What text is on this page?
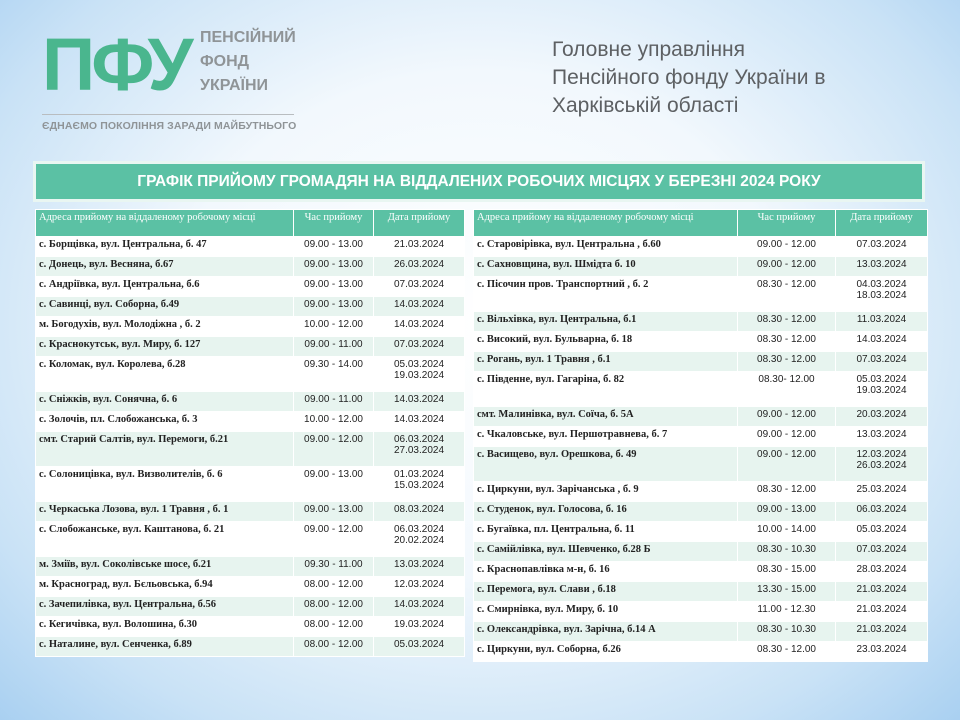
ПФУ ПЕНСІЙНИЙ
ФОНД
УКРАЇНИ
ЄДНАЄМО ПОКОЛІННЯ ЗАРАДИ МАЙБУТНЬОГО
Головне управління
Пенсійного фонду України в
Харківській області
ГРАФІК ПРИЙОМУ ГРОМАДЯН НА ВІДДАЛЕНИХ РОБОЧИХ МІСЦЯХ У БЕРЕЗНІ 2024 РОКУ
Адреса прийому на віддаленому робочому місці	Час прийому	Дата прийому
с. Борщівка, вул. Центральна, б. 47	09.00 - 13.00	21.03.2024

с. Донець, вул. Весняна, б.67	09.00 - 13.00	26.03.2024

с. Андріївка, вул. Центральна, б.6	09.00 - 13.00	07.03.2024

с. Савинці, вул. Соборна, б.49	09.00 - 13.00	14.03.2024

м. Богодухів, вул. Молодіжна , б. 2	10.00 - 12.00	14.03.2024

с. Краснокутськ, вул. Миру, б. 127	09.00 - 11.00	07.03.2024

с. Коломак, вул. Королева, б.28	09.30 - 14.00	05.03.2024
19.03.2024

с. Сніжків, вул. Сонячна, б. 6	09.00 - 11.00	14.03.2024

с. Золочів, пл. Слобожанська, б. 3	10.00 - 12.00	14.03.2024

смт. Старий Салтів, вул. Перемоги, б.21	09.00 - 12.00	06.03.2024
27.03.2024

с. Солоницівка, вул. Визволителів, б. 6	09.00 - 13.00	01.03.2024
15.03.2024

с. Черкаська Лозова, вул. 1 Травня , б. 1	09.00 - 13.00	08.03.2024

с. Слобожанське, вул. Каштанова, б. 21	09.00 - 12.00	06.03.2024
20.02.2024

м. Зміїв, вул. Соколівське шосе, б.21	09.30 - 11.00	13.03.2024

м. Красноград, вул. Бєльовська, б.94	08.00 - 12.00	12.03.2024

с. Зачепилівка, вул. Центральна, б.56	08.00 - 12.00	14.03.2024

с. Кегичівка, вул. Волошина, б.30	08.00 - 12.00	19.03.2024

с. Наталине, вул. Сенченка, б.89	08.00 - 12.00	05.03.2024
Адреса прийому на віддаленому робочому місці	Час прийому	Дата прийому
с. Старовірівка, вул. Центральна , б.60	09.00 - 12.00	07.03.2024

с. Сахновщина, вул. Шмідта б. 10	09.00 - 12.00	13.03.2024

с. Пісочин пров. Транспортний , б. 2	08.30 - 12.00	04.03.2024
18.03.2024

с. Вільхівка, вул. Центральна, б.1	08.30 - 12.00	11.03.2024

с. Високий, вул. Бульварна, б. 18	08.30 - 12.00	14.03.2024

с. Рогань, вул. 1 Травня , б.1	08.30 - 12.00	07.03.2024

с. Південне, вул. Гагаріна, б. 82	08.30- 12.00	05.03.2024
19.03.2024

смт. Малинівка, вул. Соїча, б. 5А	09.00 - 12.00	20.03.2024

с. Чкаловське, вул. Першотравнева, б. 7	09.00 - 12.00	13.03.2024

с. Васищево, вул. Орешкова, б. 49	09.00 - 12.00	12.03.2024
26.03.2024

с. Циркуни, вул. Зарічанська , б. 9	08.30 - 12.00	25.03.2024

с. Студенок, вул. Голосова, б. 16	09.00 - 13.00	06.03.2024

с. Бугаївка, пл. Центральна, б. 11	10.00 - 14.00	05.03.2024

с. Самійлівка, вул. Шевченко, б.28 Б	08.30 - 10.30	07.03.2024

с. Краснопавлівка м-н, б. 16	08.30 - 15.00	28.03.2024

с. Перемога, вул. Слави , б.18	13.30 - 15.00	21.03.2024

с. Смирнівка, вул. Миру, б. 10	11.00 - 12.30	21.03.2024

с. Олександрівка, вул. Зарічна, б.14 А	08.30 - 10.30	21.03.2024

с. Циркуни, вул. Соборна, б.26	08.30 - 12.00	23.03.2024
